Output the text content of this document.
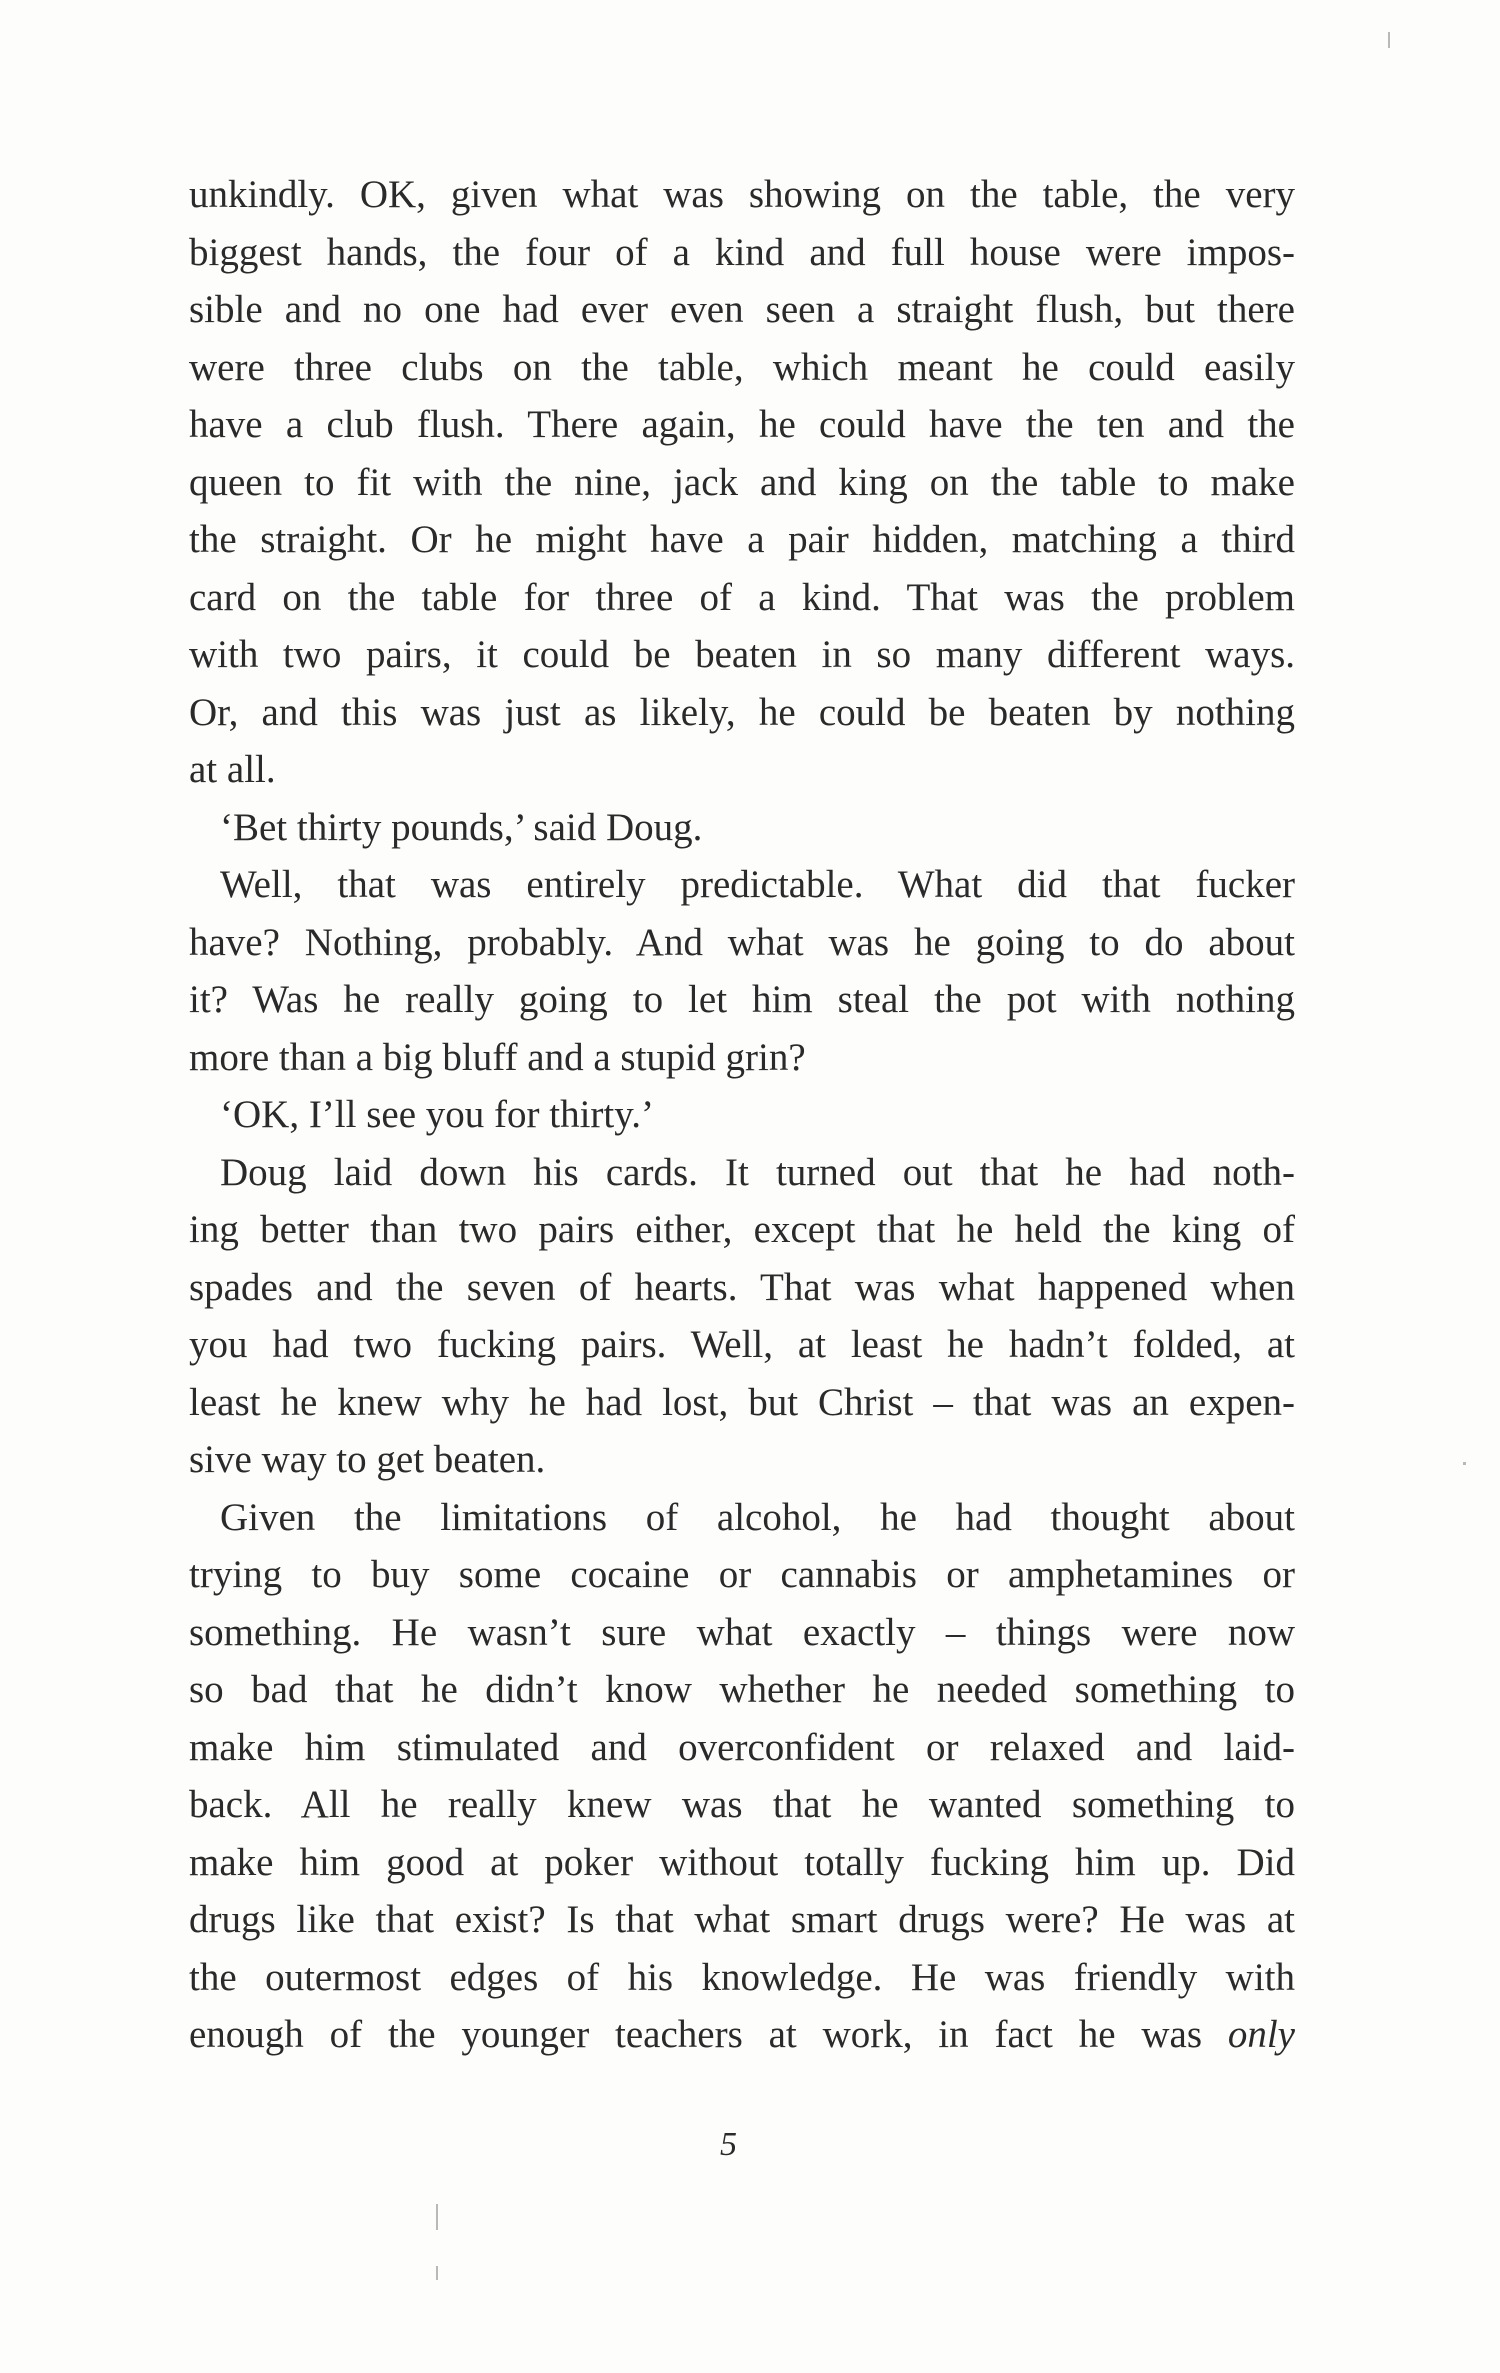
unkindly. OK, given what was showing on the table, the very
biggest hands, the four of a kind and full house were impos-
sible and no one had ever even seen a straight flush, but there
were three clubs on the table, which meant he could easily
have a club flush. There again, he could have the ten and the
queen to fit with the nine, jack and king on the table to make
the straight. Or he might have a pair hidden, matching a third
card on the table for three of a kind. That was the problem
with two pairs, it could be beaten in so many different ways.
Or, and this was just as likely, he could be beaten by nothing
at all.
‘Bet thirty pounds,’ said Doug.
Well, that was entirely predictable. What did that fucker
have? Nothing, probably. And what was he going to do about
it? Was he really going to let him steal the pot with nothing
more than a big bluff and a stupid grin?
‘OK, I’ll see you for thirty.’
Doug laid down his cards. It turned out that he had noth-
ing better than two pairs either, except that he held the king of
spades and the seven of hearts. That was what happened when
you had two fucking pairs. Well, at least he hadn’t folded, at
least he knew why he had lost, but Christ – that was an expen-
sive way to get beaten.
Given the limitations of alcohol, he had thought about
trying to buy some cocaine or cannabis or amphetamines or
something. He wasn’t sure what exactly – things were now
so bad that he didn’t know whether he needed something to
make him stimulated and overconfident or relaxed and laid-
back. All he really knew was that he wanted something to
make him good at poker without totally fucking him up. Did
drugs like that exist? Is that what smart drugs were? He was at
the outermost edges of his knowledge. He was friendly with
enough of the younger teachers at work, in fact he was only
5
